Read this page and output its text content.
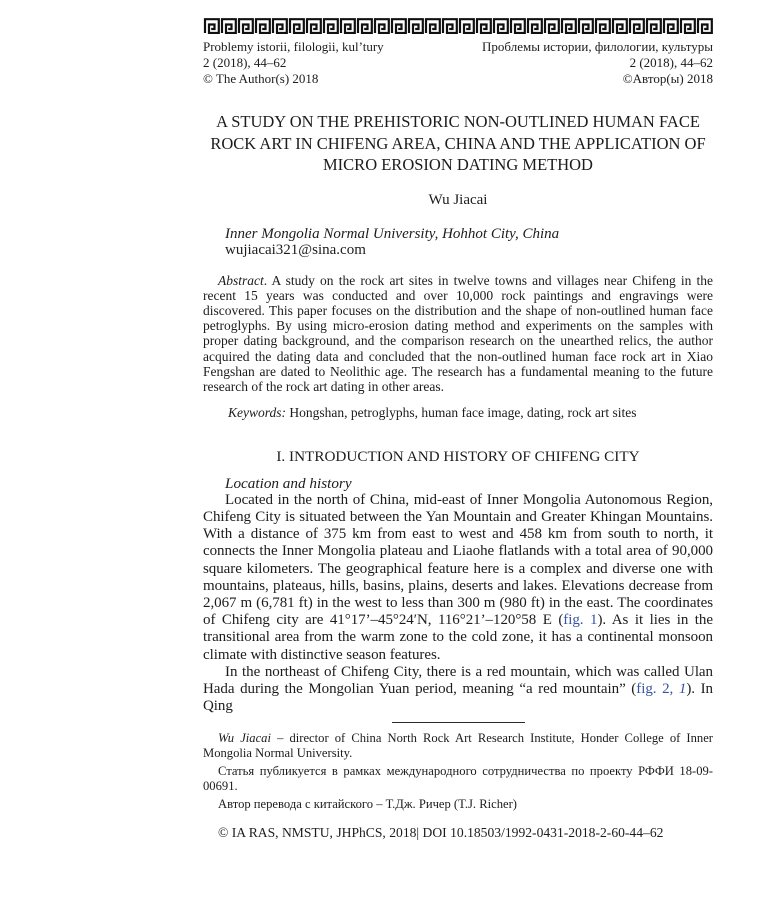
Problemy istorii, filologii, kul’tury
2 (2018), 44–62
© The Author(s) 2018
Проблемы истории, филологии, культуры
2 (2018), 44–62
©Автор(ы) 2018
A STUDY ON THE PREHISTORIC NON-OUTLINED HUMAN FACE
ROCK ART IN CHIFENG AREA, CHINA AND THE APPLICATION OF
MICRO EROSION DATING METHOD
Wu Jiacai
Inner Mongolia Normal University, Hohhot City, China
wujiacai321@sina.com

Abstract. A study on the rock art sites in twelve towns and villages near Chifeng in the recent 15 years was conducted and over 10,000 rock paintings and engravings were discovered. This paper focuses on the distribution and the shape of non-outlined human face petroglyphs. By using micro-erosion dating method and experiments on the samples with proper dating background, and the comparison research on the unearthed relics, the author acquired the dating data and concluded that the non-outlined human face rock art in Xiao Fengshan are dated to Neolithic age. The research has a fundamental meaning to the future research of the rock art dating in other areas.

Keywords: Hongshan, petroglyphs, human face image, dating, rock art sites

I. INTRODUCTION AND HISTORY OF CHIFENG CITY
Location and history

Located in the north of China, mid-east of Inner Mongolia Autonomous Region, Chifeng City is situated between the Yan Mountain and Greater Khingan Mountains. With a distance of 375 km from east to west and 458 km from south to north, it connects the Inner Mongolia plateau and Liaohe flatlands with a total area of 90,000 square kilometers. The geographical feature here is a complex and diverse one with mountains, plateaus, hills, basins, plains, deserts and lakes. Elevations decrease from 2,067 m (6,781 ft) in the west to less than 300 m (980 ft) in the east. The coordinates of Chifeng city are 41°17’–45°24′N, 116°21’–120°58 E (fig. 1). As it lies in the transitional area from the warm zone to the cold zone, it has a continental monsoon climate with distinctive season features.

In the northeast of Chifeng City, there is a red mountain, which was called Ulan Hada during the Mongolian Yuan period, meaning “a red mountain” (fig. 2, 1). In Qing

Wu Jiacai – director of China North Rock Art Research Institute, Honder College of Inner Mongolia Normal University.

Статья публикуется в рамках международного сотрудничества по проекту РФФИ 18-09-00691.

Автор перевода с китайского – Т.Дж. Ричер (T.J. Richer)

© IA RAS, NMSTU, JHPhCS, 2018| DOI 10.18503/1992-0431-2018-2-60-44–62
